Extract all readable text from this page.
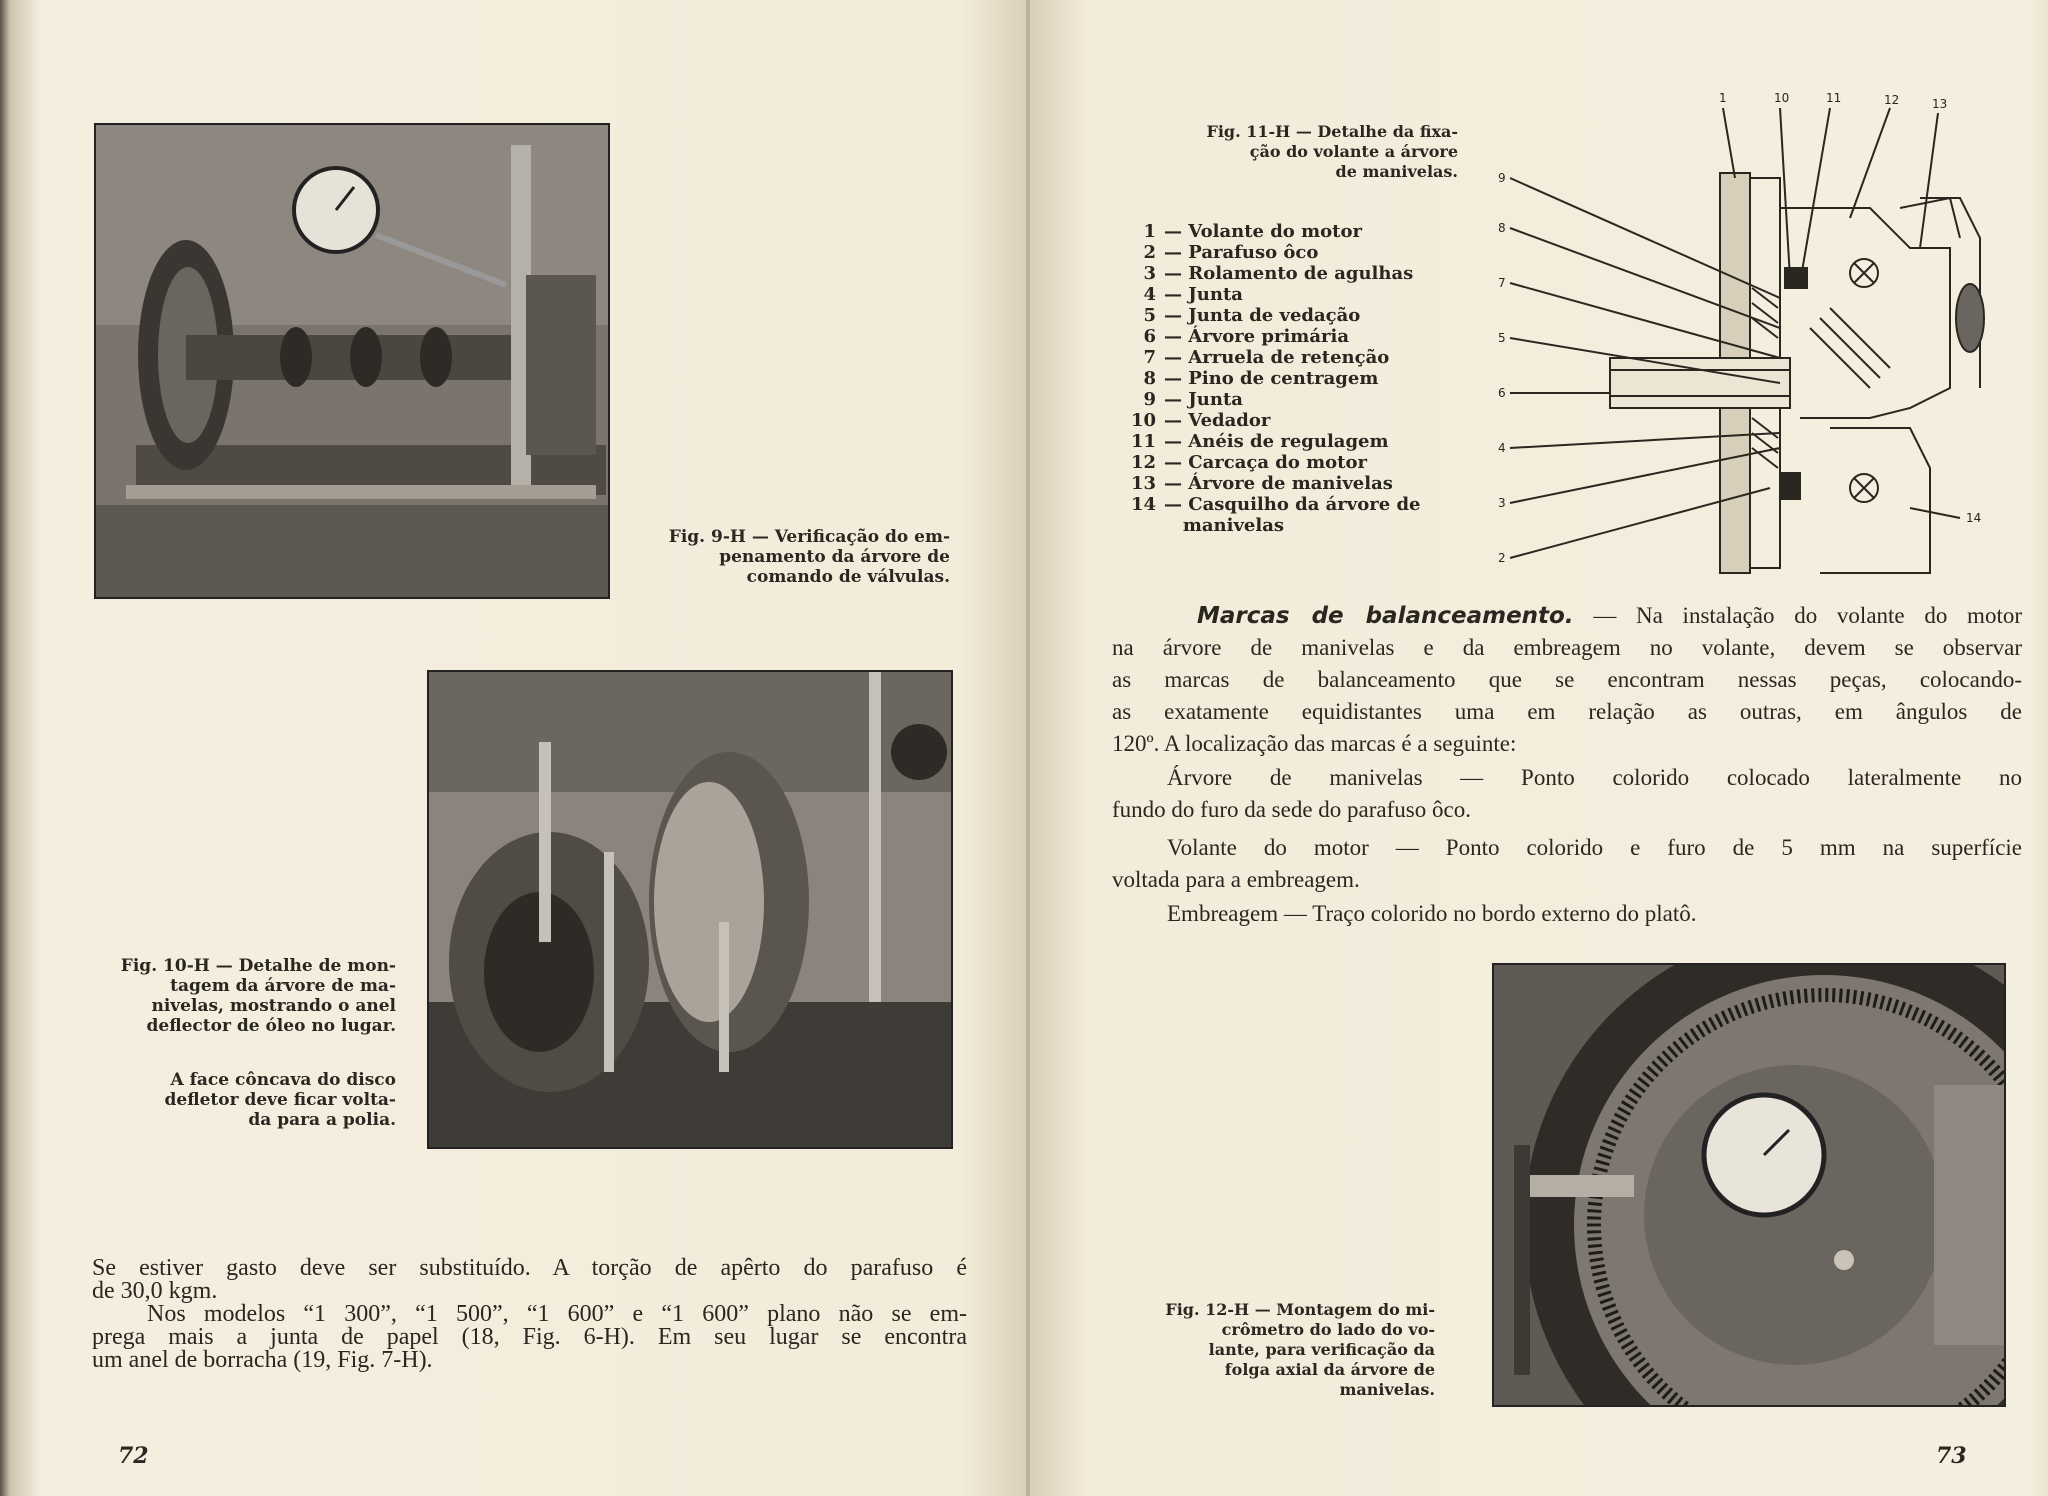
Fig. 9-H — Verificação do em-
penamento da árvore de
comando de válvulas.
Fig. 10-H — Detalhe de mon-
tagem da árvore de ma-
nivelas, mostrando o anel
deflector de óleo no lugar.
A face côncava do disco
defletor deve ficar volta-
da para a polia.

Se estiver gasto deve ser substituído. A torção de apêrto do parafuso é

de 30,0 kgm.

Nos modelos “1 300”, “1 500”, “1 600” e “1 600” plano não se em-

prega mais a junta de papel (18, Fig. 6-H). Em seu lugar se encontra

um anel de borracha (19, Fig. 7-H).

72
Fig. 11-H — Detalhe da fixa-
ção do volante a árvore
de manivelas.
1 — Volante do motor
2 — Parafuso ôco
3 — Rolamento de agulhas
4 — Junta
5 — Junta de vedação
6 — Árvore primária
7 — Arruela de retenção
8 — Pino de centragem
9 — Junta
10 — Vedador
11 — Anéis de regulagem
12 — Carcaça do motor
13 — Árvore de manivelas
14 — Casquilho da árvore de
manivelas
1	10	11	12	13
9
8
7
5
6
4
3
2
14

Marcas de balanceamento. — Na instalação do volante do motor

na árvore de manivelas e da embreagem no volante, devem se observar

as marcas de balanceamento que se encontram nessas peças, colocando-

as exatamente equidistantes uma em relação as outras, em ângulos de

120º. A localização das marcas é a seguinte:

Árvore de manivelas — Ponto colorido colocado lateralmente no

fundo do furo da sede do parafuso ôco.

Volante do motor — Ponto colorido e furo de 5 mm na superfície

voltada para a embreagem.

Embreagem — Traço colorido no bordo externo do platô.

Fig. 12-H — Montagem do mi-
crômetro do lado do vo-
lante, para verificação da
folga axial da árvore de
manivelas.
73
